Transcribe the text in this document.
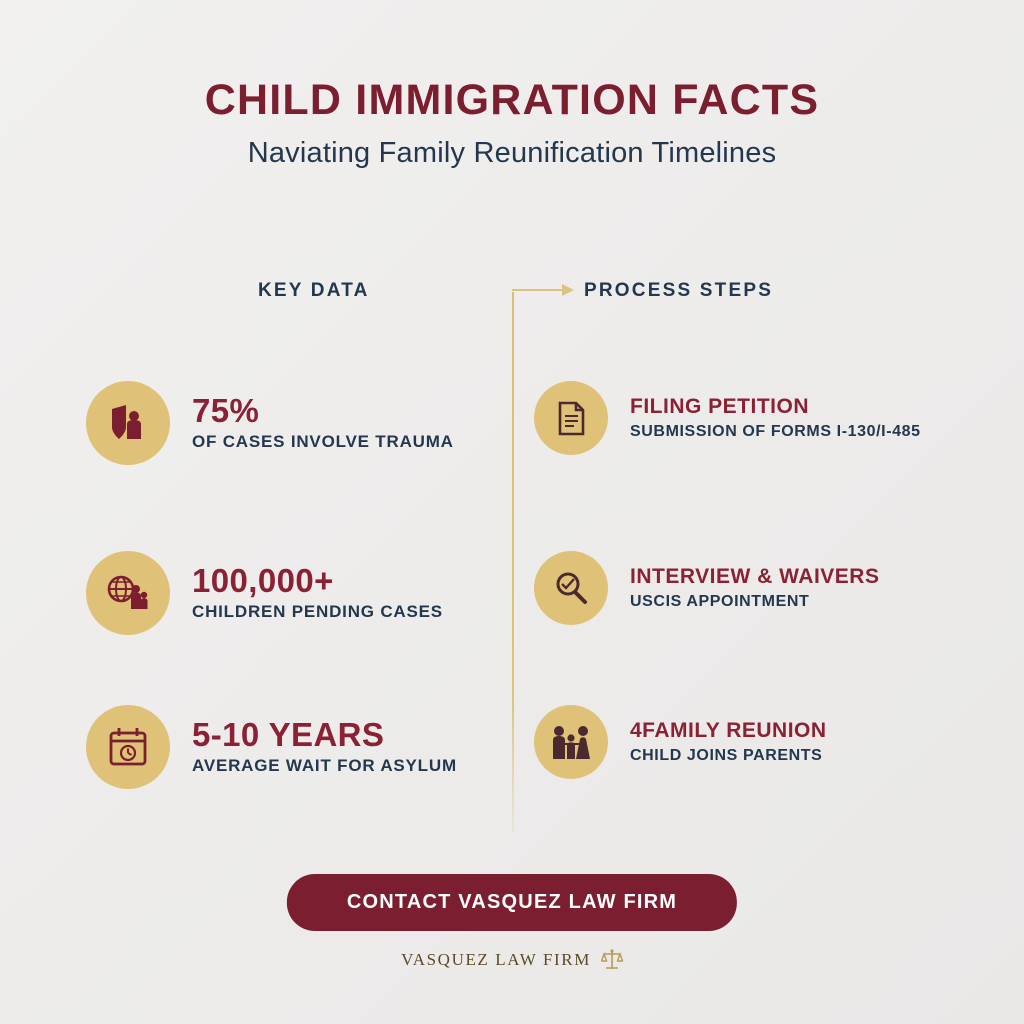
CHILD IMMIGRATION FACTS

Naviating Family Reunification Timelines

KEY DATA	PROCESS STEPS
75%
OF CASES INVOLVE TRAUMA
100,000+
CHILDREN PENDING CASES
5-10 YEARS
AVERAGE WAIT FOR ASYLUM
FILING PETITION
SUBMISSION OF FORMS I-130/I-485
INTERVIEW & WAIVERS
USCIS APPOINTMENT
4FAMILY REUNION
CHILD JOINS PARENTS
CONTACT VASQUEZ LAW FIRM
VASQUEZ LAW FIRM
